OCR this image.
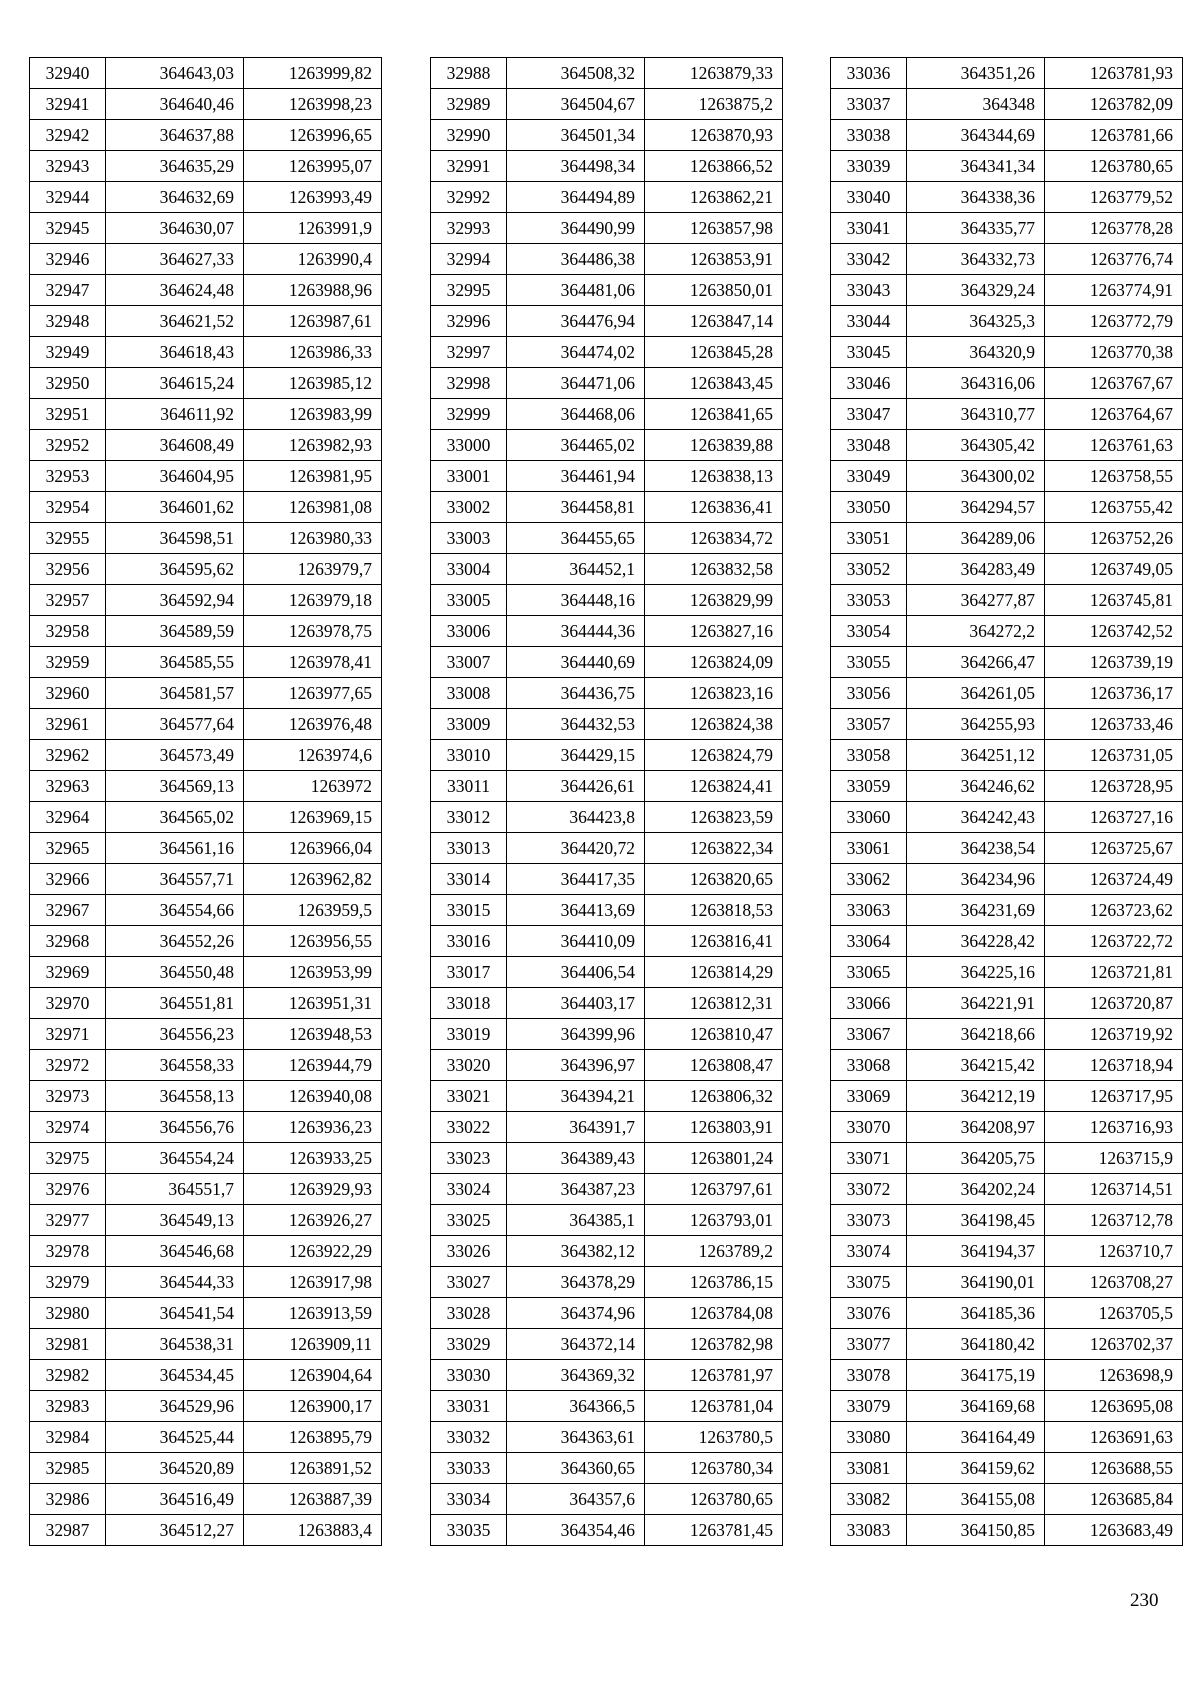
32940	364643,03	1263999,82
32941	364640,46	1263998,23
32942	364637,88	1263996,65
32943	364635,29	1263995,07
32944	364632,69	1263993,49
32945	364630,07	1263991,9
32946	364627,33	1263990,4
32947	364624,48	1263988,96
32948	364621,52	1263987,61
32949	364618,43	1263986,33
32950	364615,24	1263985,12
32951	364611,92	1263983,99
32952	364608,49	1263982,93
32953	364604,95	1263981,95
32954	364601,62	1263981,08
32955	364598,51	1263980,33
32956	364595,62	1263979,7
32957	364592,94	1263979,18
32958	364589,59	1263978,75
32959	364585,55	1263978,41
32960	364581,57	1263977,65
32961	364577,64	1263976,48
32962	364573,49	1263974,6
32963	364569,13	1263972
32964	364565,02	1263969,15
32965	364561,16	1263966,04
32966	364557,71	1263962,82
32967	364554,66	1263959,5
32968	364552,26	1263956,55
32969	364550,48	1263953,99
32970	364551,81	1263951,31
32971	364556,23	1263948,53
32972	364558,33	1263944,79
32973	364558,13	1263940,08
32974	364556,76	1263936,23
32975	364554,24	1263933,25
32976	364551,7	1263929,93
32977	364549,13	1263926,27
32978	364546,68	1263922,29
32979	364544,33	1263917,98
32980	364541,54	1263913,59
32981	364538,31	1263909,11
32982	364534,45	1263904,64
32983	364529,96	1263900,17
32984	364525,44	1263895,79
32985	364520,89	1263891,52
32986	364516,49	1263887,39
32987	364512,27	1263883,4
32988	364508,32	1263879,33
32989	364504,67	1263875,2
32990	364501,34	1263870,93
32991	364498,34	1263866,52
32992	364494,89	1263862,21
32993	364490,99	1263857,98
32994	364486,38	1263853,91
32995	364481,06	1263850,01
32996	364476,94	1263847,14
32997	364474,02	1263845,28
32998	364471,06	1263843,45
32999	364468,06	1263841,65
33000	364465,02	1263839,88
33001	364461,94	1263838,13
33002	364458,81	1263836,41
33003	364455,65	1263834,72
33004	364452,1	1263832,58
33005	364448,16	1263829,99
33006	364444,36	1263827,16
33007	364440,69	1263824,09
33008	364436,75	1263823,16
33009	364432,53	1263824,38
33010	364429,15	1263824,79
33011	364426,61	1263824,41
33012	364423,8	1263823,59
33013	364420,72	1263822,34
33014	364417,35	1263820,65
33015	364413,69	1263818,53
33016	364410,09	1263816,41
33017	364406,54	1263814,29
33018	364403,17	1263812,31
33019	364399,96	1263810,47
33020	364396,97	1263808,47
33021	364394,21	1263806,32
33022	364391,7	1263803,91
33023	364389,43	1263801,24
33024	364387,23	1263797,61
33025	364385,1	1263793,01
33026	364382,12	1263789,2
33027	364378,29	1263786,15
33028	364374,96	1263784,08
33029	364372,14	1263782,98
33030	364369,32	1263781,97
33031	364366,5	1263781,04
33032	364363,61	1263780,5
33033	364360,65	1263780,34
33034	364357,6	1263780,65
33035	364354,46	1263781,45
33036	364351,26	1263781,93
33037	364348	1263782,09
33038	364344,69	1263781,66
33039	364341,34	1263780,65
33040	364338,36	1263779,52
33041	364335,77	1263778,28
33042	364332,73	1263776,74
33043	364329,24	1263774,91
33044	364325,3	1263772,79
33045	364320,9	1263770,38
33046	364316,06	1263767,67
33047	364310,77	1263764,67
33048	364305,42	1263761,63
33049	364300,02	1263758,55
33050	364294,57	1263755,42
33051	364289,06	1263752,26
33052	364283,49	1263749,05
33053	364277,87	1263745,81
33054	364272,2	1263742,52
33055	364266,47	1263739,19
33056	364261,05	1263736,17
33057	364255,93	1263733,46
33058	364251,12	1263731,05
33059	364246,62	1263728,95
33060	364242,43	1263727,16
33061	364238,54	1263725,67
33062	364234,96	1263724,49
33063	364231,69	1263723,62
33064	364228,42	1263722,72
33065	364225,16	1263721,81
33066	364221,91	1263720,87
33067	364218,66	1263719,92
33068	364215,42	1263718,94
33069	364212,19	1263717,95
33070	364208,97	1263716,93
33071	364205,75	1263715,9
33072	364202,24	1263714,51
33073	364198,45	1263712,78
33074	364194,37	1263710,7
33075	364190,01	1263708,27
33076	364185,36	1263705,5
33077	364180,42	1263702,37
33078	364175,19	1263698,9
33079	364169,68	1263695,08
33080	364164,49	1263691,63
33081	364159,62	1263688,55
33082	364155,08	1263685,84
33083	364150,85	1263683,49
230
